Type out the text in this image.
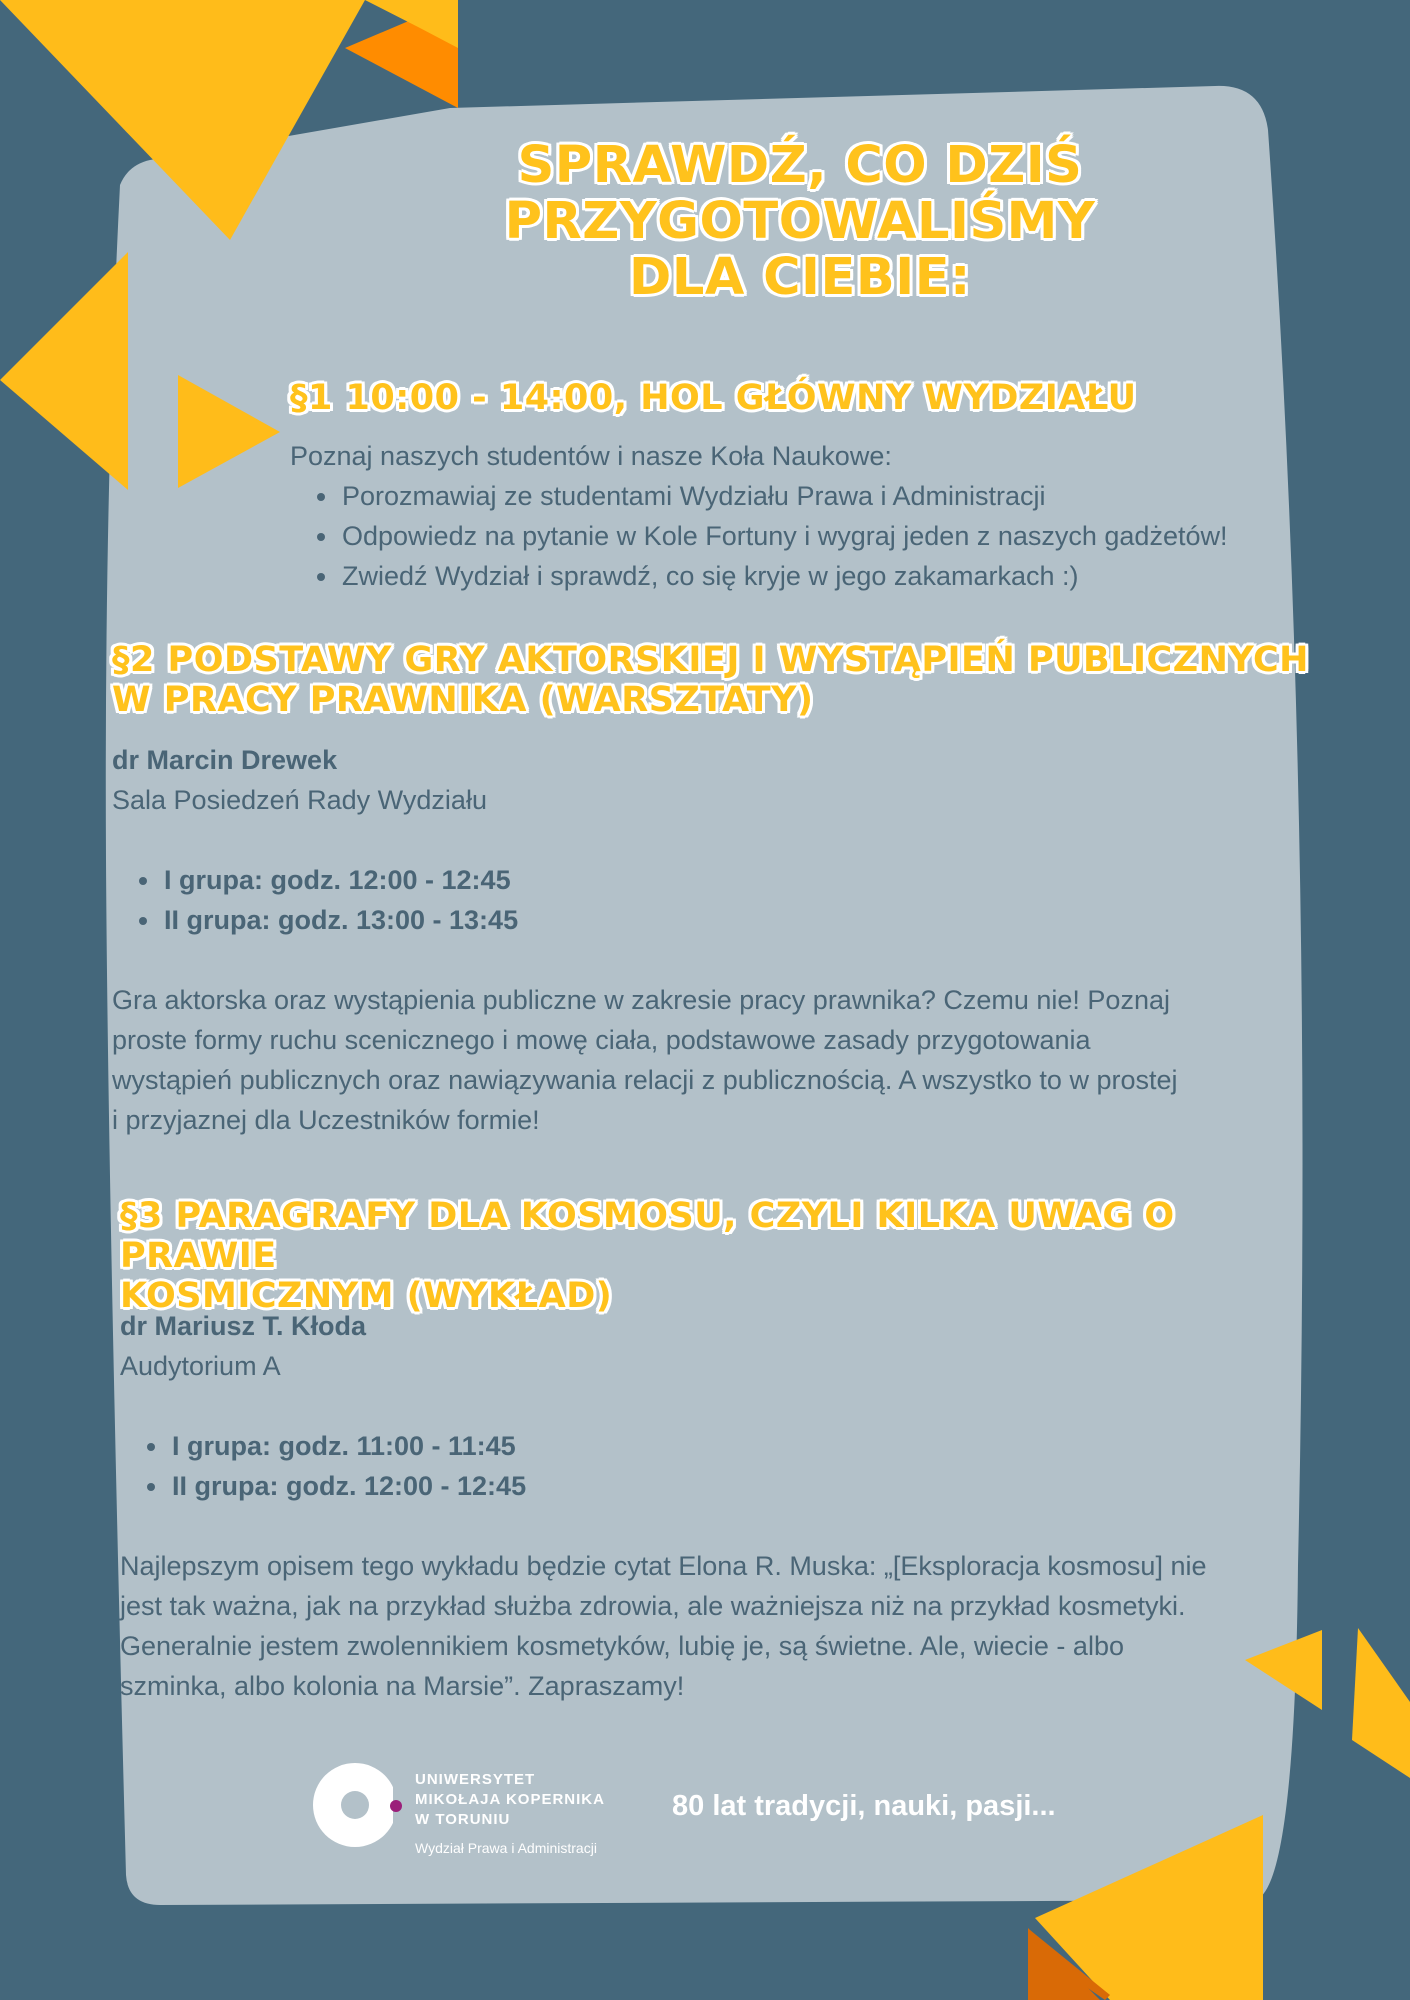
SPRAWDŹ, CO DZIŚ
PRZYGOTOWALIŚMY
DLA CIEBIE:
§1 10:00 - 14:00, HOL GŁÓWNY WYDZIAŁU
Poznaj naszych studentów i nasze Koła Naukowe:
• Porozmawiaj ze studentami Wydziału Prawa i Administracji
• Odpowiedz na pytanie w Kole Fortuny i wygraj jeden z naszych gadżetów!
• Zwiedź Wydział i sprawdź, co się kryje w jego zakamarkach :)
§2 PODSTAWY GRY AKTORSKIEJ I WYSTĄPIEŃ PUBLICZNYCH
W PRACY PRAWNIKA (WARSZTATY)
dr Marcin Drewek
Sala Posiedzeń Rady Wydziału
• I grupa: godz. 12:00 - 12:45
• II grupa: godz. 13:00 - 13:45
Gra aktorska oraz wystąpienia publiczne w zakresie pracy prawnika? Czemu nie! Poznaj
proste formy ruchu scenicznego i mowę ciała, podstawowe zasady przygotowania
wystąpień publicznych oraz nawiązywania relacji z publicznością. A wszystko to w prostej
i przyjaznej dla Uczestników formie!
§3 PARAGRAFY DLA KOSMOSU, CZYLI KILKA UWAG O PRAWIE
KOSMICZNYM (WYKŁAD)
dr Mariusz T. Kłoda
Audytorium A
• I grupa: godz. 11:00 - 11:45
• II grupa: godz. 12:00 - 12:45
Najlepszym opisem tego wykładu będzie cytat Elona R. Muska: „[Eksploracja kosmosu] nie
jest tak ważna, jak na przykład służba zdrowia, ale ważniejsza niż na przykład kosmetyki.
Generalnie jestem zwolennikiem kosmetyków, lubię je, są świetne. Ale, wiecie - albo
szminka, albo kolonia na Marsie”. Zapraszamy!
UNIWERSYTET
MIKOŁAJA KOPERNIKA
W TORUNIU
Wydział Prawa i Administracji
80 lat tradycji, nauki, pasji...
